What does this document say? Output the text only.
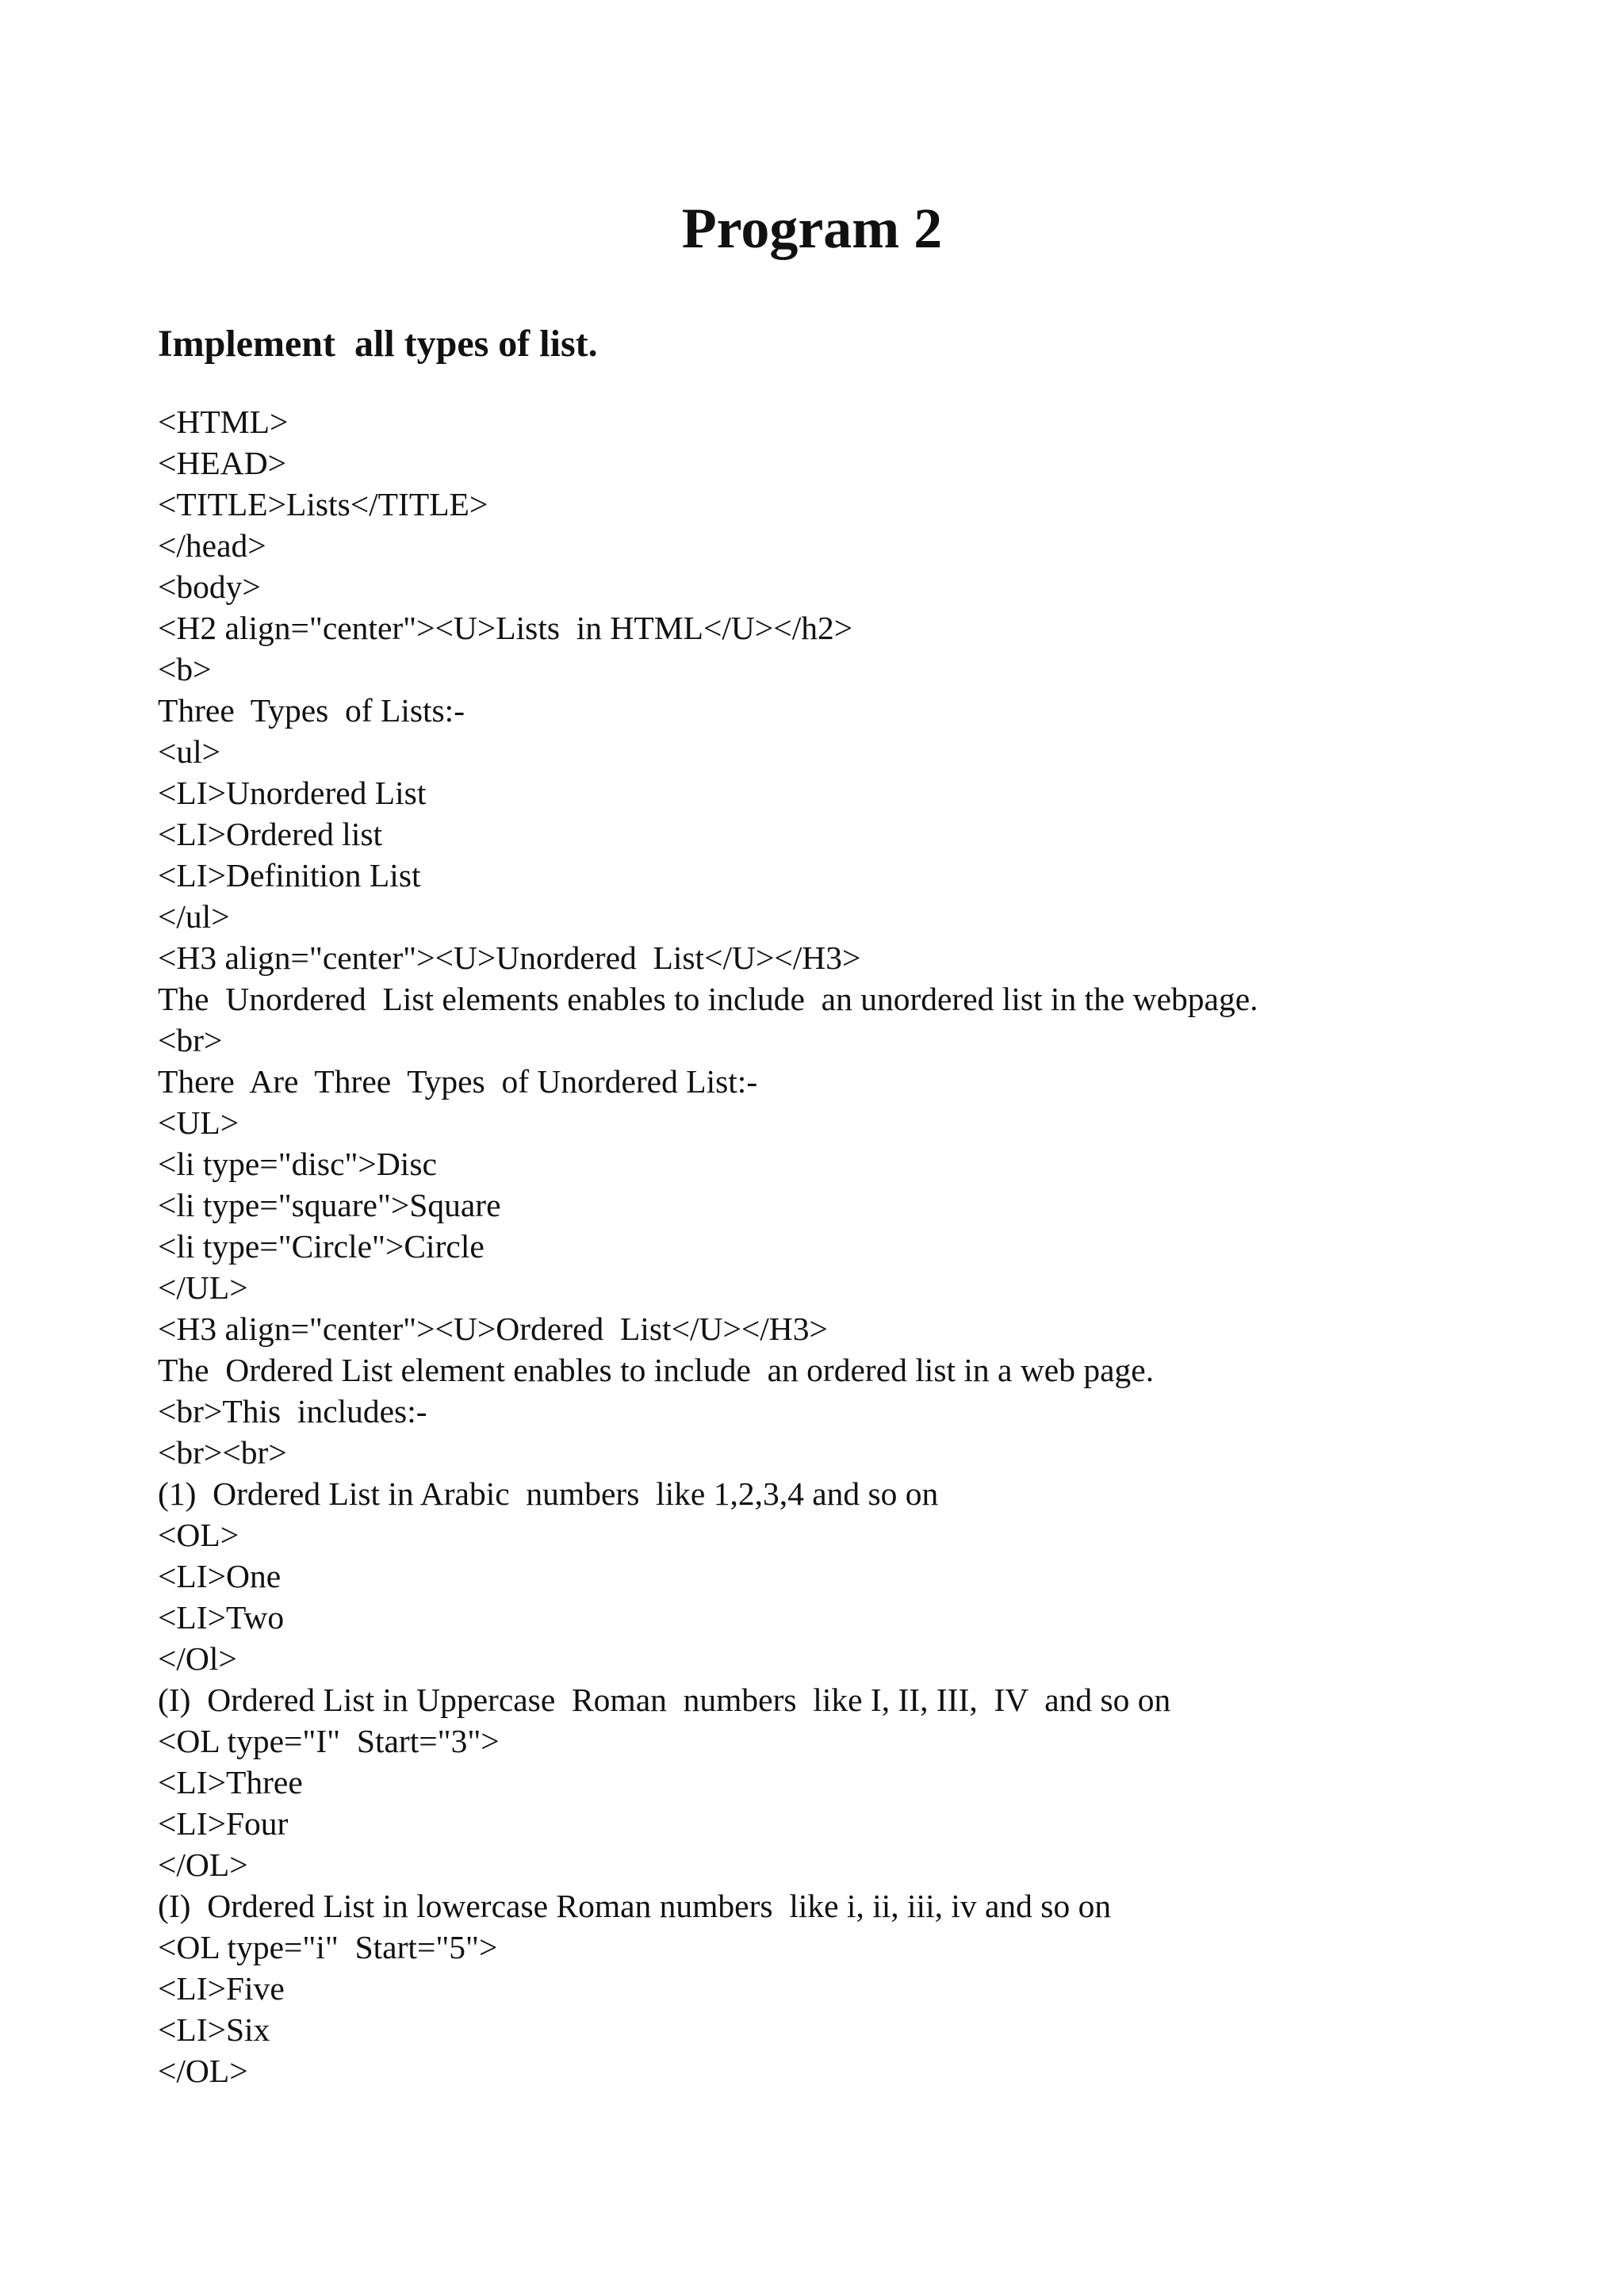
Program 2
Implement  all types of list.
<HTML>
<HEAD>
<TITLE>Lists</TITLE>
</head>
<body>
<H2 align="center"><U>Lists  in HTML</U></h2>
<b>
Three  Types  of Lists:-
<ul>
<LI>Unordered List
<LI>Ordered list
<LI>Definition List
</ul>
<H3 align="center"><U>Unordered  List</U></H3>
The  Unordered  List elements enables to include  an unordered list in the webpage.
<br>
There  Are  Three  Types  of Unordered List:-
<UL>
<li type="disc">Disc
<li type="square">Square
<li type="Circle">Circle
</UL>
<H3 align="center"><U>Ordered  List</U></H3>
The  Ordered List element enables to include  an ordered list in a web page.
<br>This  includes:-
<br><br>
(1)  Ordered List in Arabic  numbers  like 1,2,3,4 and so on
<OL>
<LI>One
<LI>Two
</Ol>
(I)  Ordered List in Uppercase  Roman  numbers  like I, II, III,  IV  and so on
<OL type="I"  Start="3">
<LI>Three
<LI>Four
</OL>
(I)  Ordered List in lowercase Roman numbers  like i, ii, iii, iv and so on
<OL type="i"  Start="5">
<LI>Five
<LI>Six
</OL>
